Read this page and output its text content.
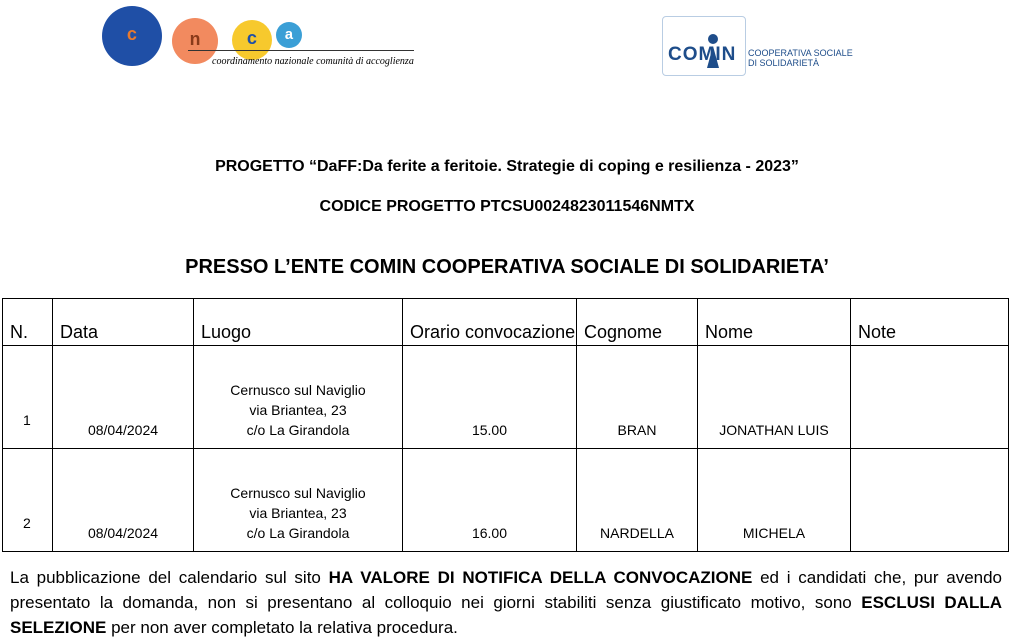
c	n	c	a
coordinamento nazionale comunità di accoglienza	COMIN COOPERATIVA SOCIALE
DI SOLIDARIETÀ
PROGETTO “DaFF:Da ferite a feritoie. Strategie di coping e resilienza - 2023”
CODICE PROGETTO PTCSU0024823011546NMTX
PRESSO L’ENTE COMIN COOPERATIVA SOCIALE DI SOLIDARIETA’
N.	Data	Luogo	Orario convocazione	Cognome	Nome	Note
1	08/04/2024	Cernusco sul Naviglio
via Briantea, 23
c/o La Girandola	15.00	BRAN	JONATHAN LUIS	
2	08/04/2024	Cernusco sul Naviglio
via Briantea, 23
c/o La Girandola	16.00	NARDELLA	MICHELA	
La pubblicazione del calendario sul sito HA VALORE DI NOTIFICA DELLA CONVOCAZIONE ed i candidati che, pur avendo presentato la domanda, non si presentano al colloquio nei giorni stabiliti senza giustificato motivo, sono ESCLUSI DALLA SELEZIONE per non aver completato la relativa procedura.
